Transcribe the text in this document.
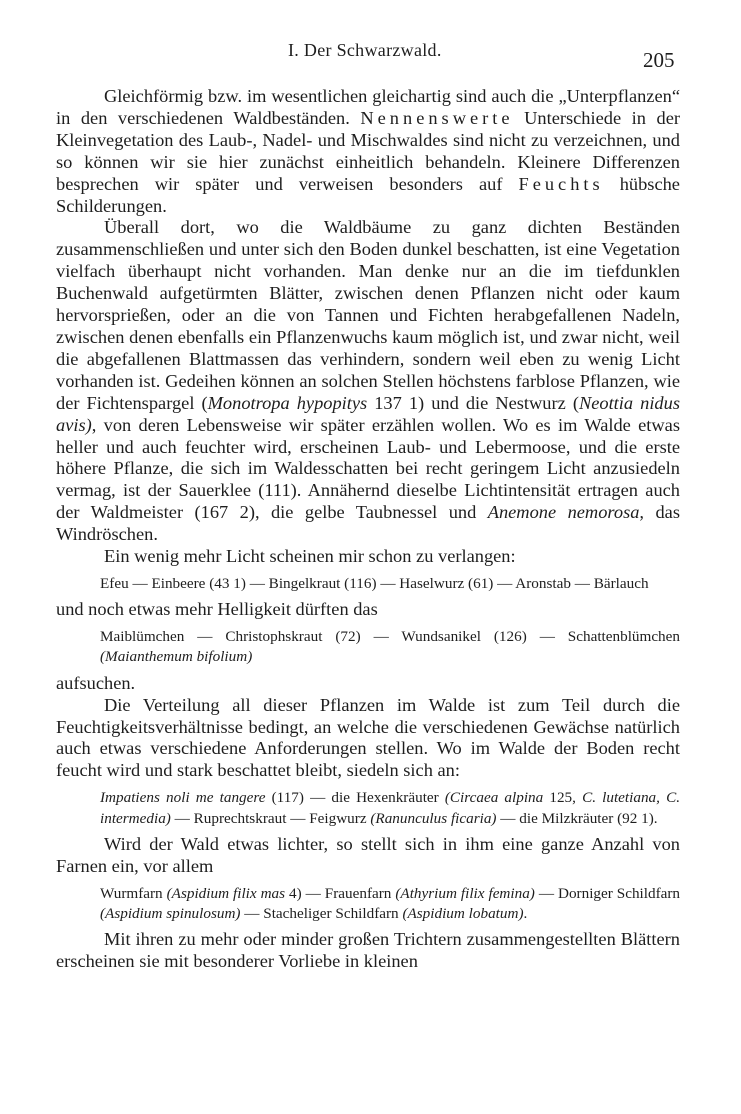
I. Der Schwarzwald.	205

Gleichförmig bzw. im wesentlichen gleichartig sind auch die „Unterpflanzen“ in den verschiedenen Waldbeständen. Nennenswerte Unterschiede in der Kleinvegetation des Laub-, Nadel- und Mischwaldes sind nicht zu verzeichnen, und so können wir sie hier zunächst einheitlich behandeln. Kleinere Differenzen besprechen wir später und verweisen besonders auf Feuchts hübsche Schilderungen.

Überall dort, wo die Waldbäume zu ganz dichten Beständen zusammenschließen und unter sich den Boden dunkel beschatten, ist eine Vegetation vielfach überhaupt nicht vorhanden. Man denke nur an die im tiefdunklen Buchenwald aufgetürmten Blätter, zwischen denen Pflanzen nicht oder kaum hervorsprießen, oder an die von Tannen und Fichten herabgefallenen Nadeln, zwischen denen ebenfalls ein Pflanzenwuchs kaum möglich ist, und zwar nicht, weil die abgefallenen Blattmassen das verhindern, sondern weil eben zu wenig Licht vorhanden ist. Gedeihen können an solchen Stellen höchstens farblose Pflanzen, wie der Fichtenspargel (Monotropa hypopitys 137 1) und die Nestwurz (Neottia nidus avis), von deren Lebensweise wir später erzählen wollen. Wo es im Walde etwas heller und auch feuchter wird, erscheinen Laub- und Lebermoose, und die erste höhere Pflanze, die sich im Waldesschatten bei recht geringem Licht anzusiedeln vermag, ist der Sauerklee (111). Annähernd dieselbe Lichtintensität ertragen auch der Waldmeister (167 2), die gelbe Taubnessel und Anemone nemorosa, das Windröschen.

Ein wenig mehr Licht scheinen mir schon zu verlangen:

Efeu — Einbeere (43 1) — Bingelkraut (116) — Haselwurz (61) — Aronstab — Bärlauch

und noch etwas mehr Helligkeit dürften das

Maiblümchen — Christophskraut (72) — Wundsanikel (126) — Schattenblümchen (Maianthemum bifolium)

aufsuchen.

Die Verteilung all dieser Pflanzen im Walde ist zum Teil durch die Feuchtigkeitsverhältnisse bedingt, an welche die verschiedenen Gewächse natürlich auch etwas verschiedene Anforderungen stellen. Wo im Walde der Boden recht feucht wird und stark beschattet bleibt, siedeln sich an:

Impatiens noli me tangere (117) — die Hexenkräuter (Circaea alpina 125, C. lutetiana, C. intermedia) — Ruprechtskraut — Feigwurz (Ranunculus ficaria) — die Milzkräuter (92 1).

Wird der Wald etwas lichter, so stellt sich in ihm eine ganze Anzahl von Farnen ein, vor allem

Wurmfarn (Aspidium filix mas 4) — Frauenfarn (Athyrium filix femina) — Dorniger Schildfarn (Aspidium spinulosum) — Stacheliger Schildfarn (Aspidium lobatum).

Mit ihren zu mehr oder minder großen Trichtern zusammengestellten Blättern erscheinen sie mit besonderer Vorliebe in kleinen
